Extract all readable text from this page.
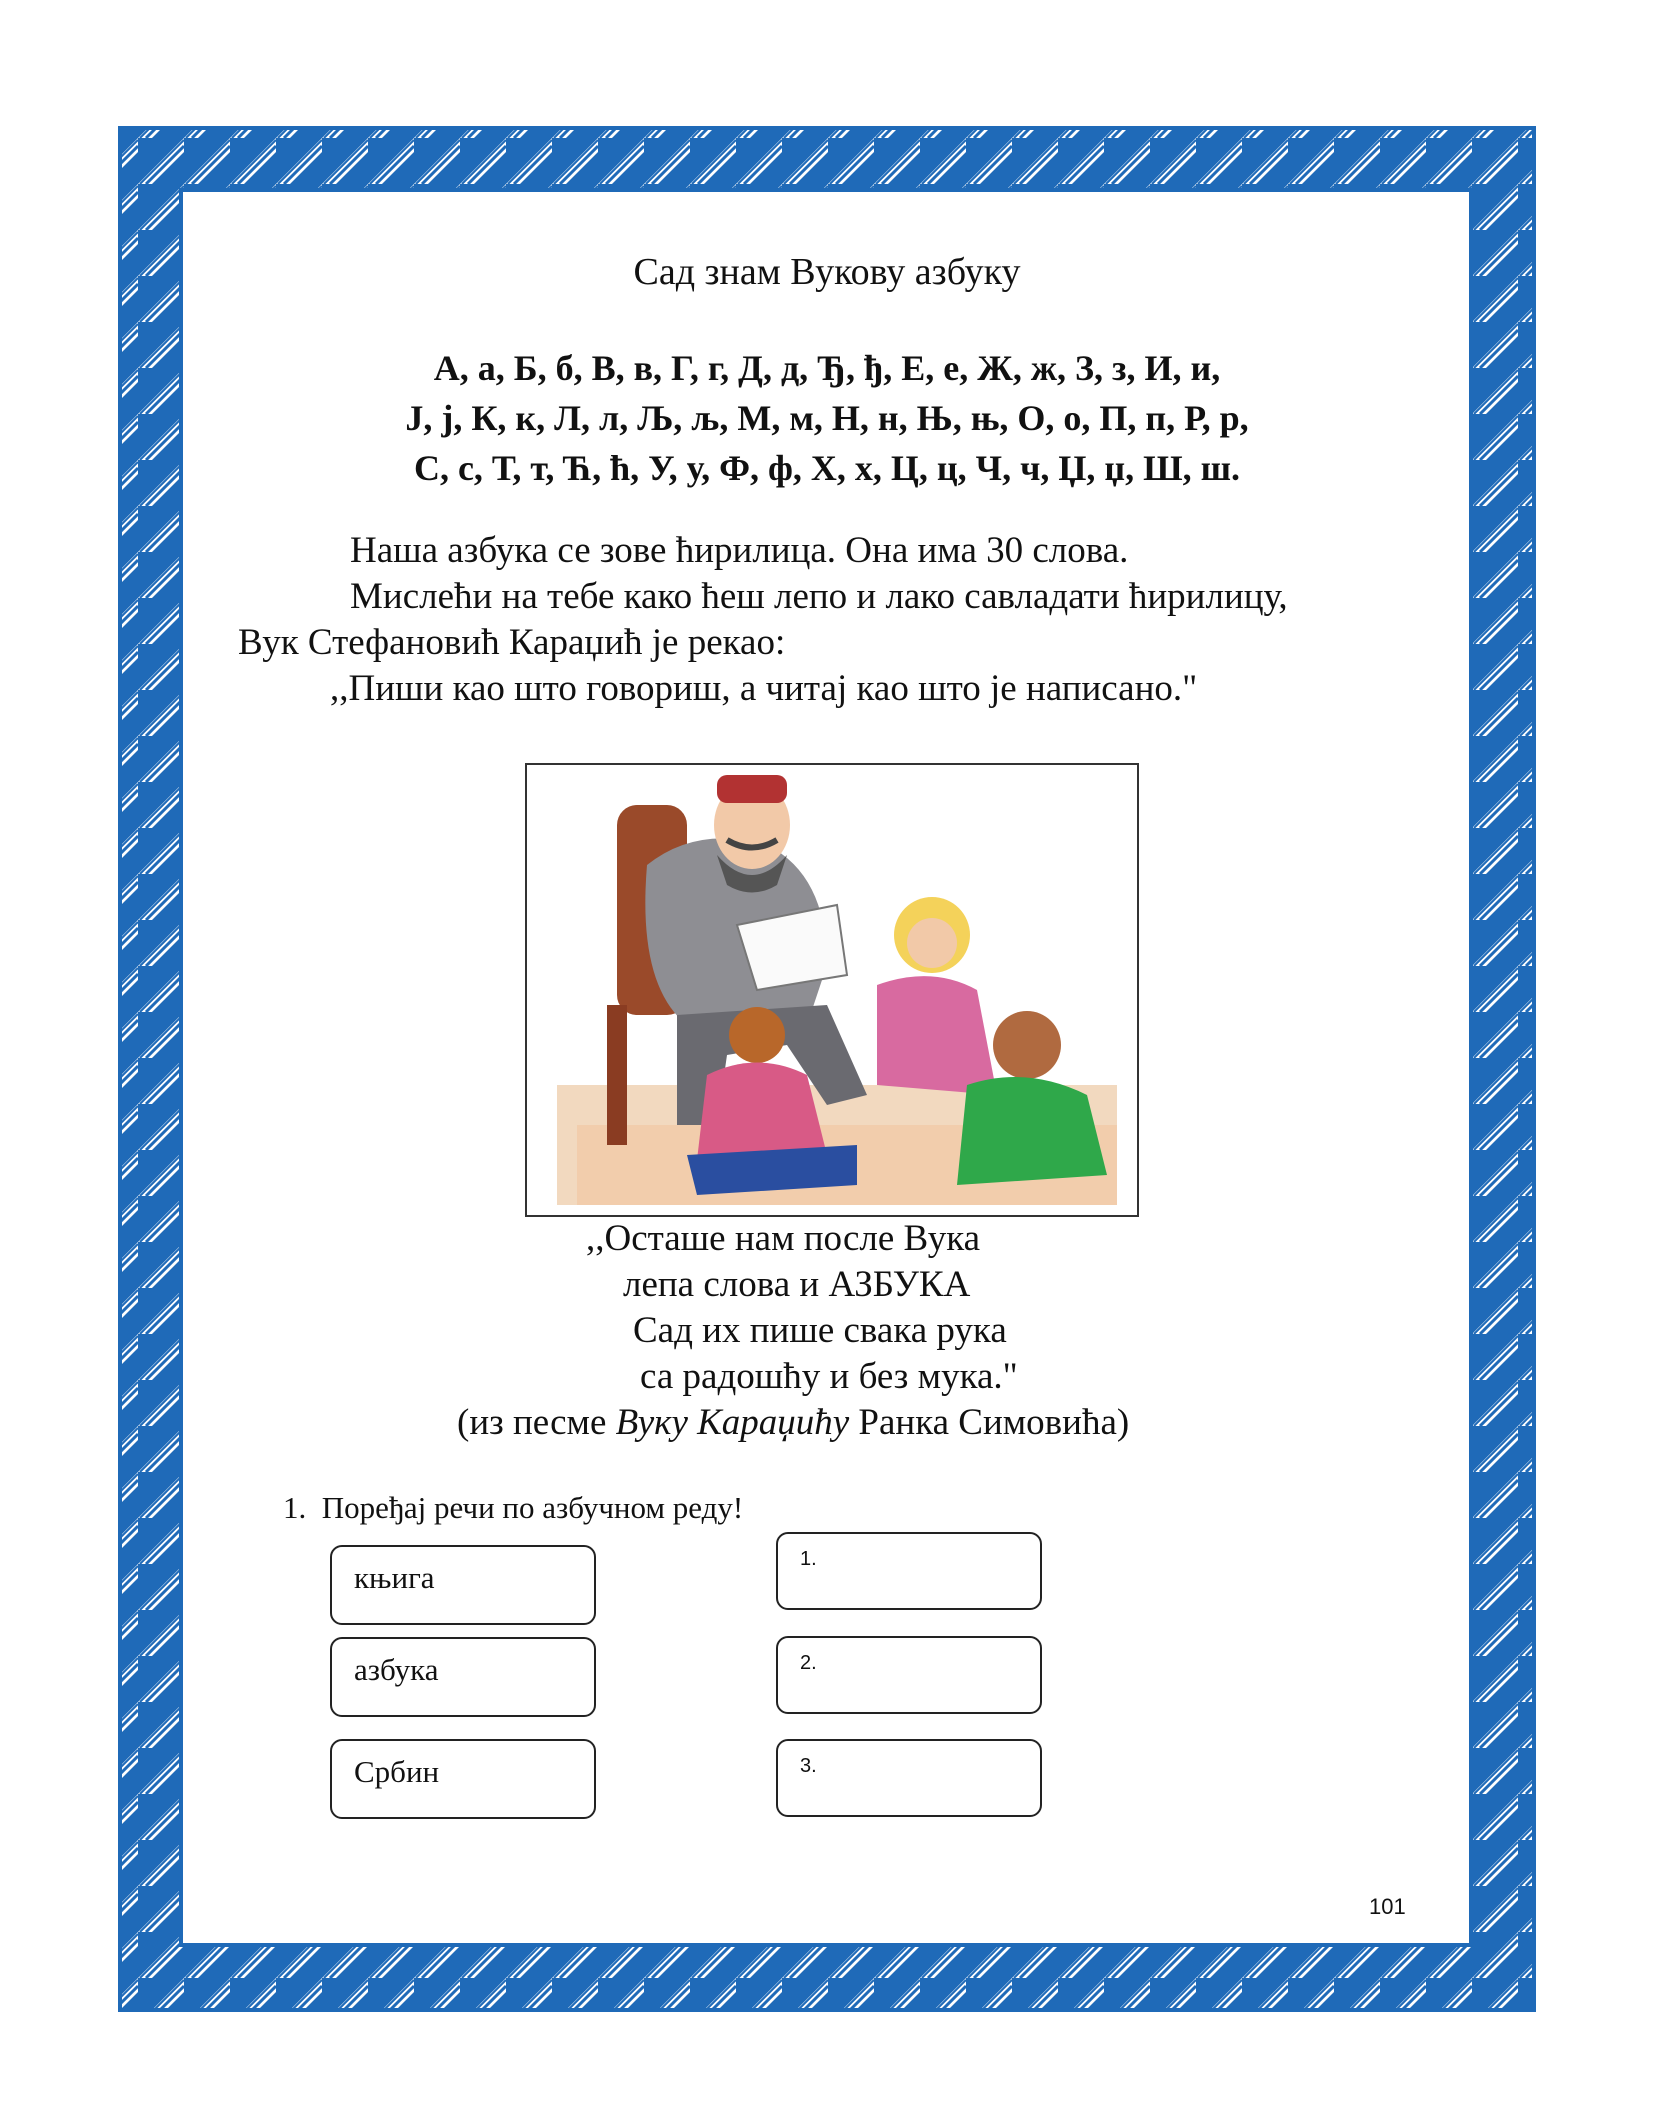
Сад знам Вукову азбуку
А, а, Б, б, В, в, Г, г, Д, д, Ђ, ђ, Е, е, Ж, ж, З, з, И, и,
Ј, ј, К, к, Л, л, Љ, љ, М, м, Н, н, Њ, њ, О, о, П, п, Р, р,
С, с, Т, т, Ћ, ћ, У, у, Ф, ф, Х, х, Ц, ц, Ч, ч, Џ, џ, Ш, ш.
Наша азбука се зове ћирилица. Она има 30 слова.
Мислећи на тебе како ћеш лепо и лако савладати ћирилицу,
Вук Стефановић Караџић је рекао:
,,Пиши као што говориш, а читај као што је написано."
,,Осташе нам после Вука
лепа слова и АЗБУКА
Сад их пише свака рука
са радошћу и без мука."
(из песме Вуку Караџићу Ранка Симовића)
1. Поређај речи по азбучном реду!
књига
азбука
Србин
1.
2.
3.
101
